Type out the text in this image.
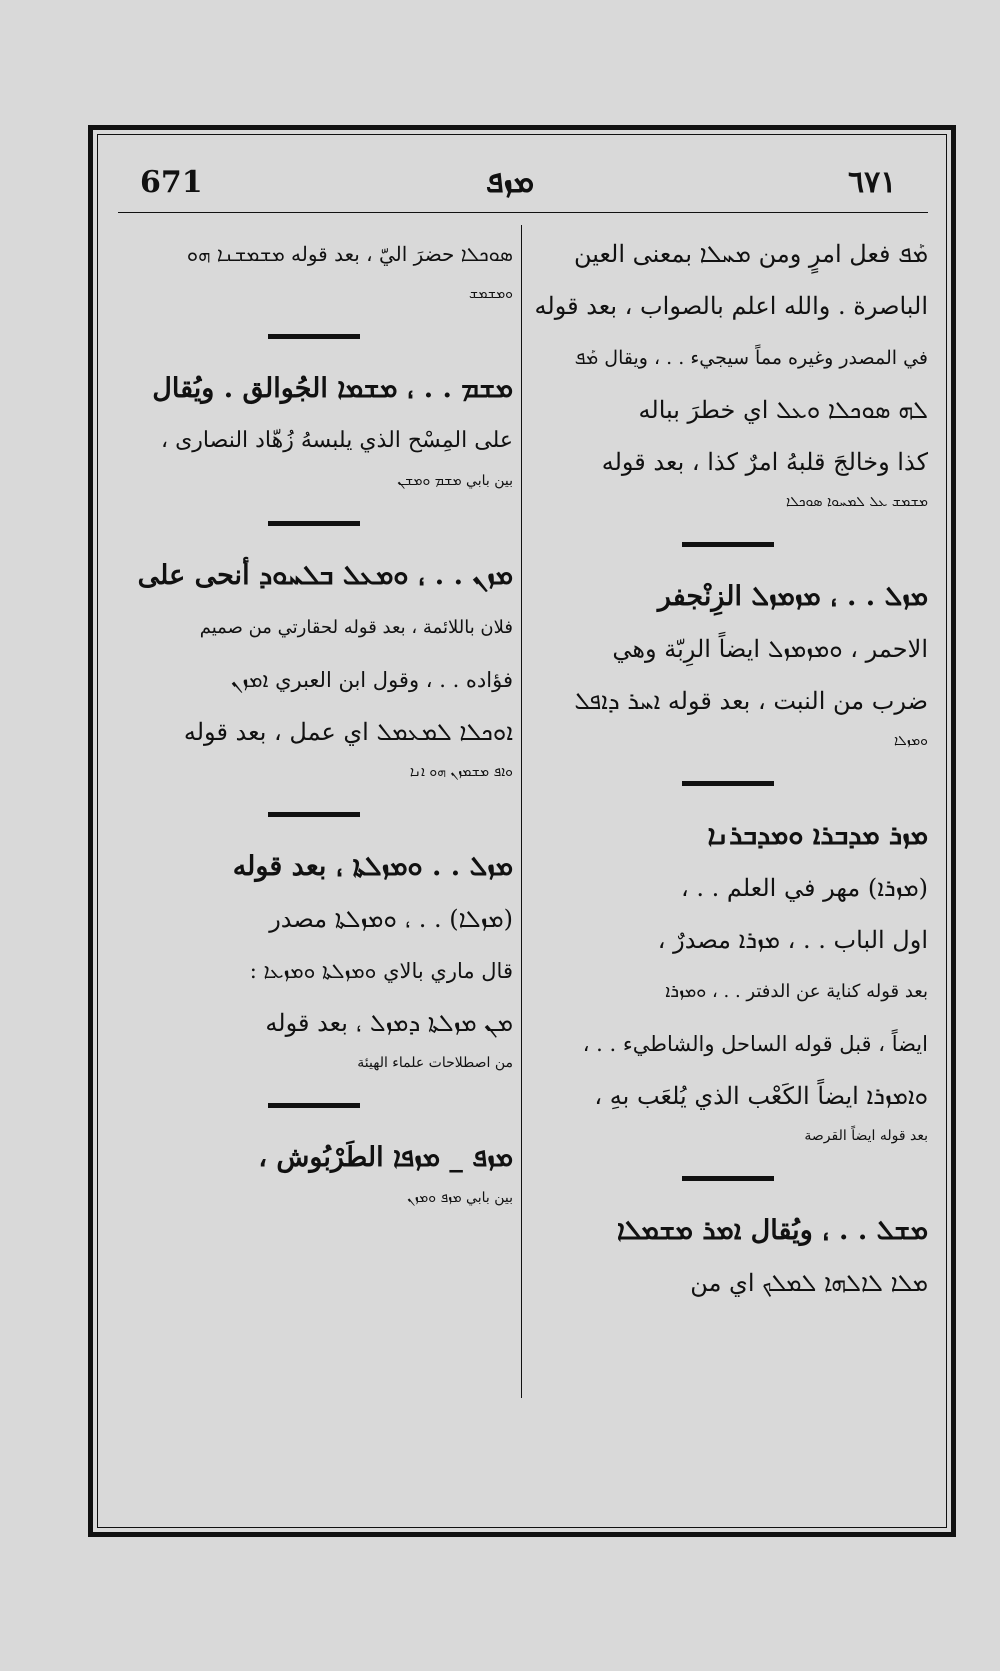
671	ܡܙܦ	٦٧١
ܡܰܦ فعل امرٍ ومن ܡܚܠܐ بمعنى العين
الباصرة . والله اعلم بالصواب ، بعد قوله
في المصدر وغيره مماً سيجيء . . ، ويقال ܡܰܦ
ܠܗ ܣܘܟܠܐ ܘܥܠ اي خطرَ بباله
كذا وخالجَ قلبهُ امرٌ كذا ، بعد قوله
ܡܫܡܫ ܥܠ ܠܡܚܘܐ ܣܘܟܠܐ
ܡܙܠ . . ، ܡܙܡܙܠ الزِنْجفر
الاحمر ، ܘܡܙܡܙܠ ايضاً الرِبّة وهي
ضرب من النبت ، بعد قوله ܐܚܪ ܕܐܦܠ
ܘܡܙܠܐ
ܡܙܪ ܡܕܒܪܐ ܘܡܕܒܪܢܐ
(ܡܙܪܐ) مهر في العلم . . ،
اول الباب . . ، ܡܙܪܐ مصدرٌ ،
بعد قوله كناية عن الدفتر . . ، ܘܡܙܪܐ
ايضاً ، قبل قوله الساحل والشاطيء . . ،
ܘܐܡܙܪܐ ايضاً الكَعْب الذي يُلعَب بهِ ،
بعد قوله ايضاً القرصة
ܡܫܠ . . ، ويُقال ܐܡܪ ܡܫܡܠܐ
ܡܠܐ ܠܐܠܗܐ ܠܡܠܟ اي من
ܣܘܟܠܐ حضرَ اليّ ، بعد قوله ܡܫܡܫܢܐ ܗܘ
ܘܡܫܡܫ
ܡܫܡ . . ، ܡܫܡܐ الجُوالق . ويُقال
على المِسْح الذي يلبسهُ زُهّاد النصارى ،
بين بابي ܡܫܡ ܘܡܫܢ
ܡܙܢ . . ، ܘܡܥܠ ܒܠܚܘܕ أنحى على
فلان باللائمة ، بعد قوله لحقارتي من صميم
فؤاده . . ، وقول ابن العبري ܐܡܙܢ
ܐܘܟܠܐ ܠܡܥܡܠ اي عمل ، بعد قوله
ܘܐܦ ܡܫܡܙܢ ܗܘ ܐܢܐ
ܡܙܠ . . ܘܡܙܠܬܐ ، بعد قوله
(ܡܙܠܐ) . . ، ܘܡܙܠܬܐ مصدر
قال ماري بالاي ܘܡܙܠܬܐ ܘܡܙܥܐ :
ܡܢ ܡܙܠܬܐ ܕܡܙܠ ، بعد قوله
من اصطلاحات علماء الهيئة
ܡܙܦ _ ܡܙܦܐ الطَرْبُوش ،
بين بابي ܡܙܦ ܘܡܙܢ
